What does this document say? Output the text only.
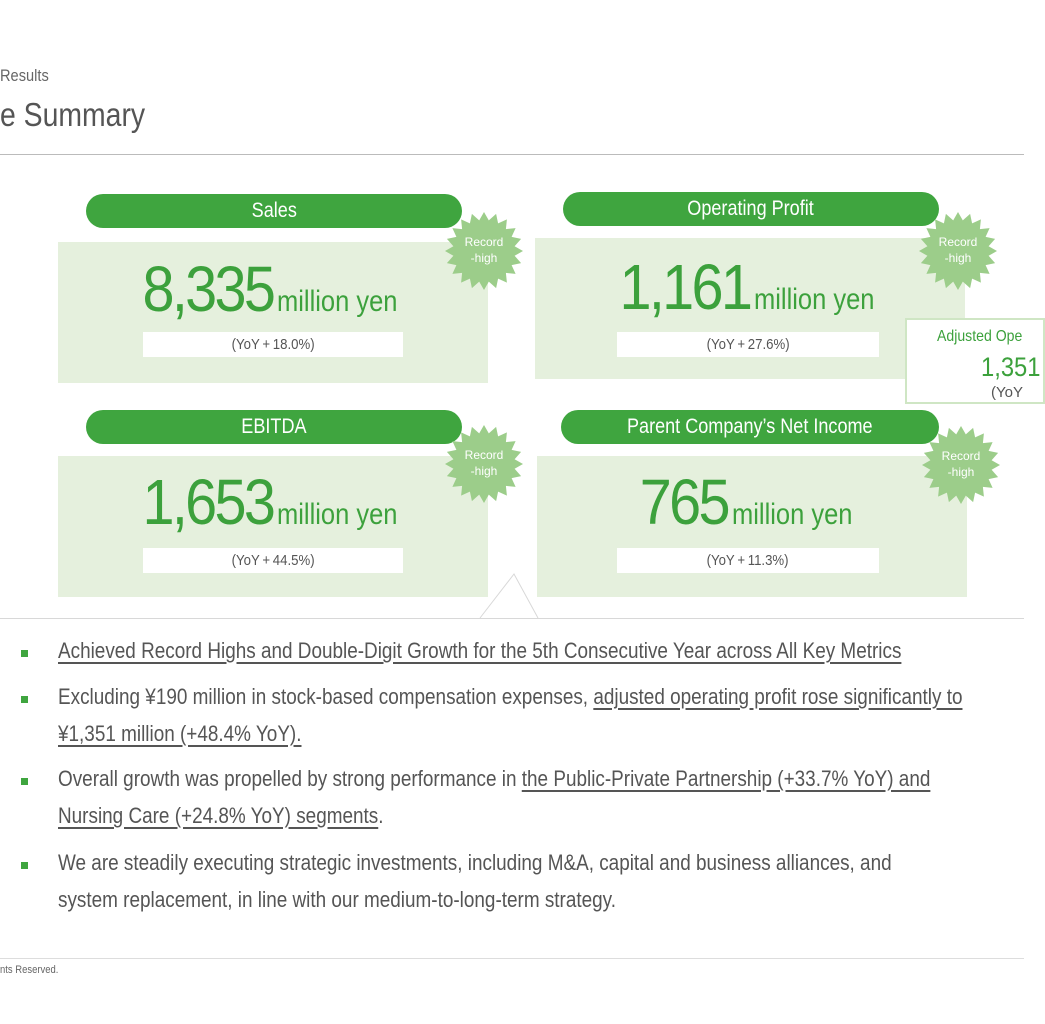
Results
e Summary
Sales
8,335 million yen
(YoY + 18.0%)
Operating Profit
1,161 million yen
(YoY + 27.6%)
EBITDA
1,653 million yen
(YoY + 44.5%)
Parent Company’s Net Income
765 million yen
(YoY + 11.3%)
Record
-high
Record
-high
Record
-high
Record
-high
Adjusted Ope
1,351
(YoY
Achieved Record Highs and Double-Digit Growth for the 5th Consecutive Year across All Key Metrics
Excluding ¥190 million in stock-based compensation expenses, adjusted operating profit rose significantly to ¥1,351 million (+48.4% YoY).
Overall growth was propelled by strong performance in the Public-Private Partnership (+33.7% YoY) and Nursing Care (+24.8% YoY) segments.
We are steadily executing strategic investments, including M&A, capital and business alliances, and system replacement, in line with our medium-to-long-term strategy.
nts Reserved.
